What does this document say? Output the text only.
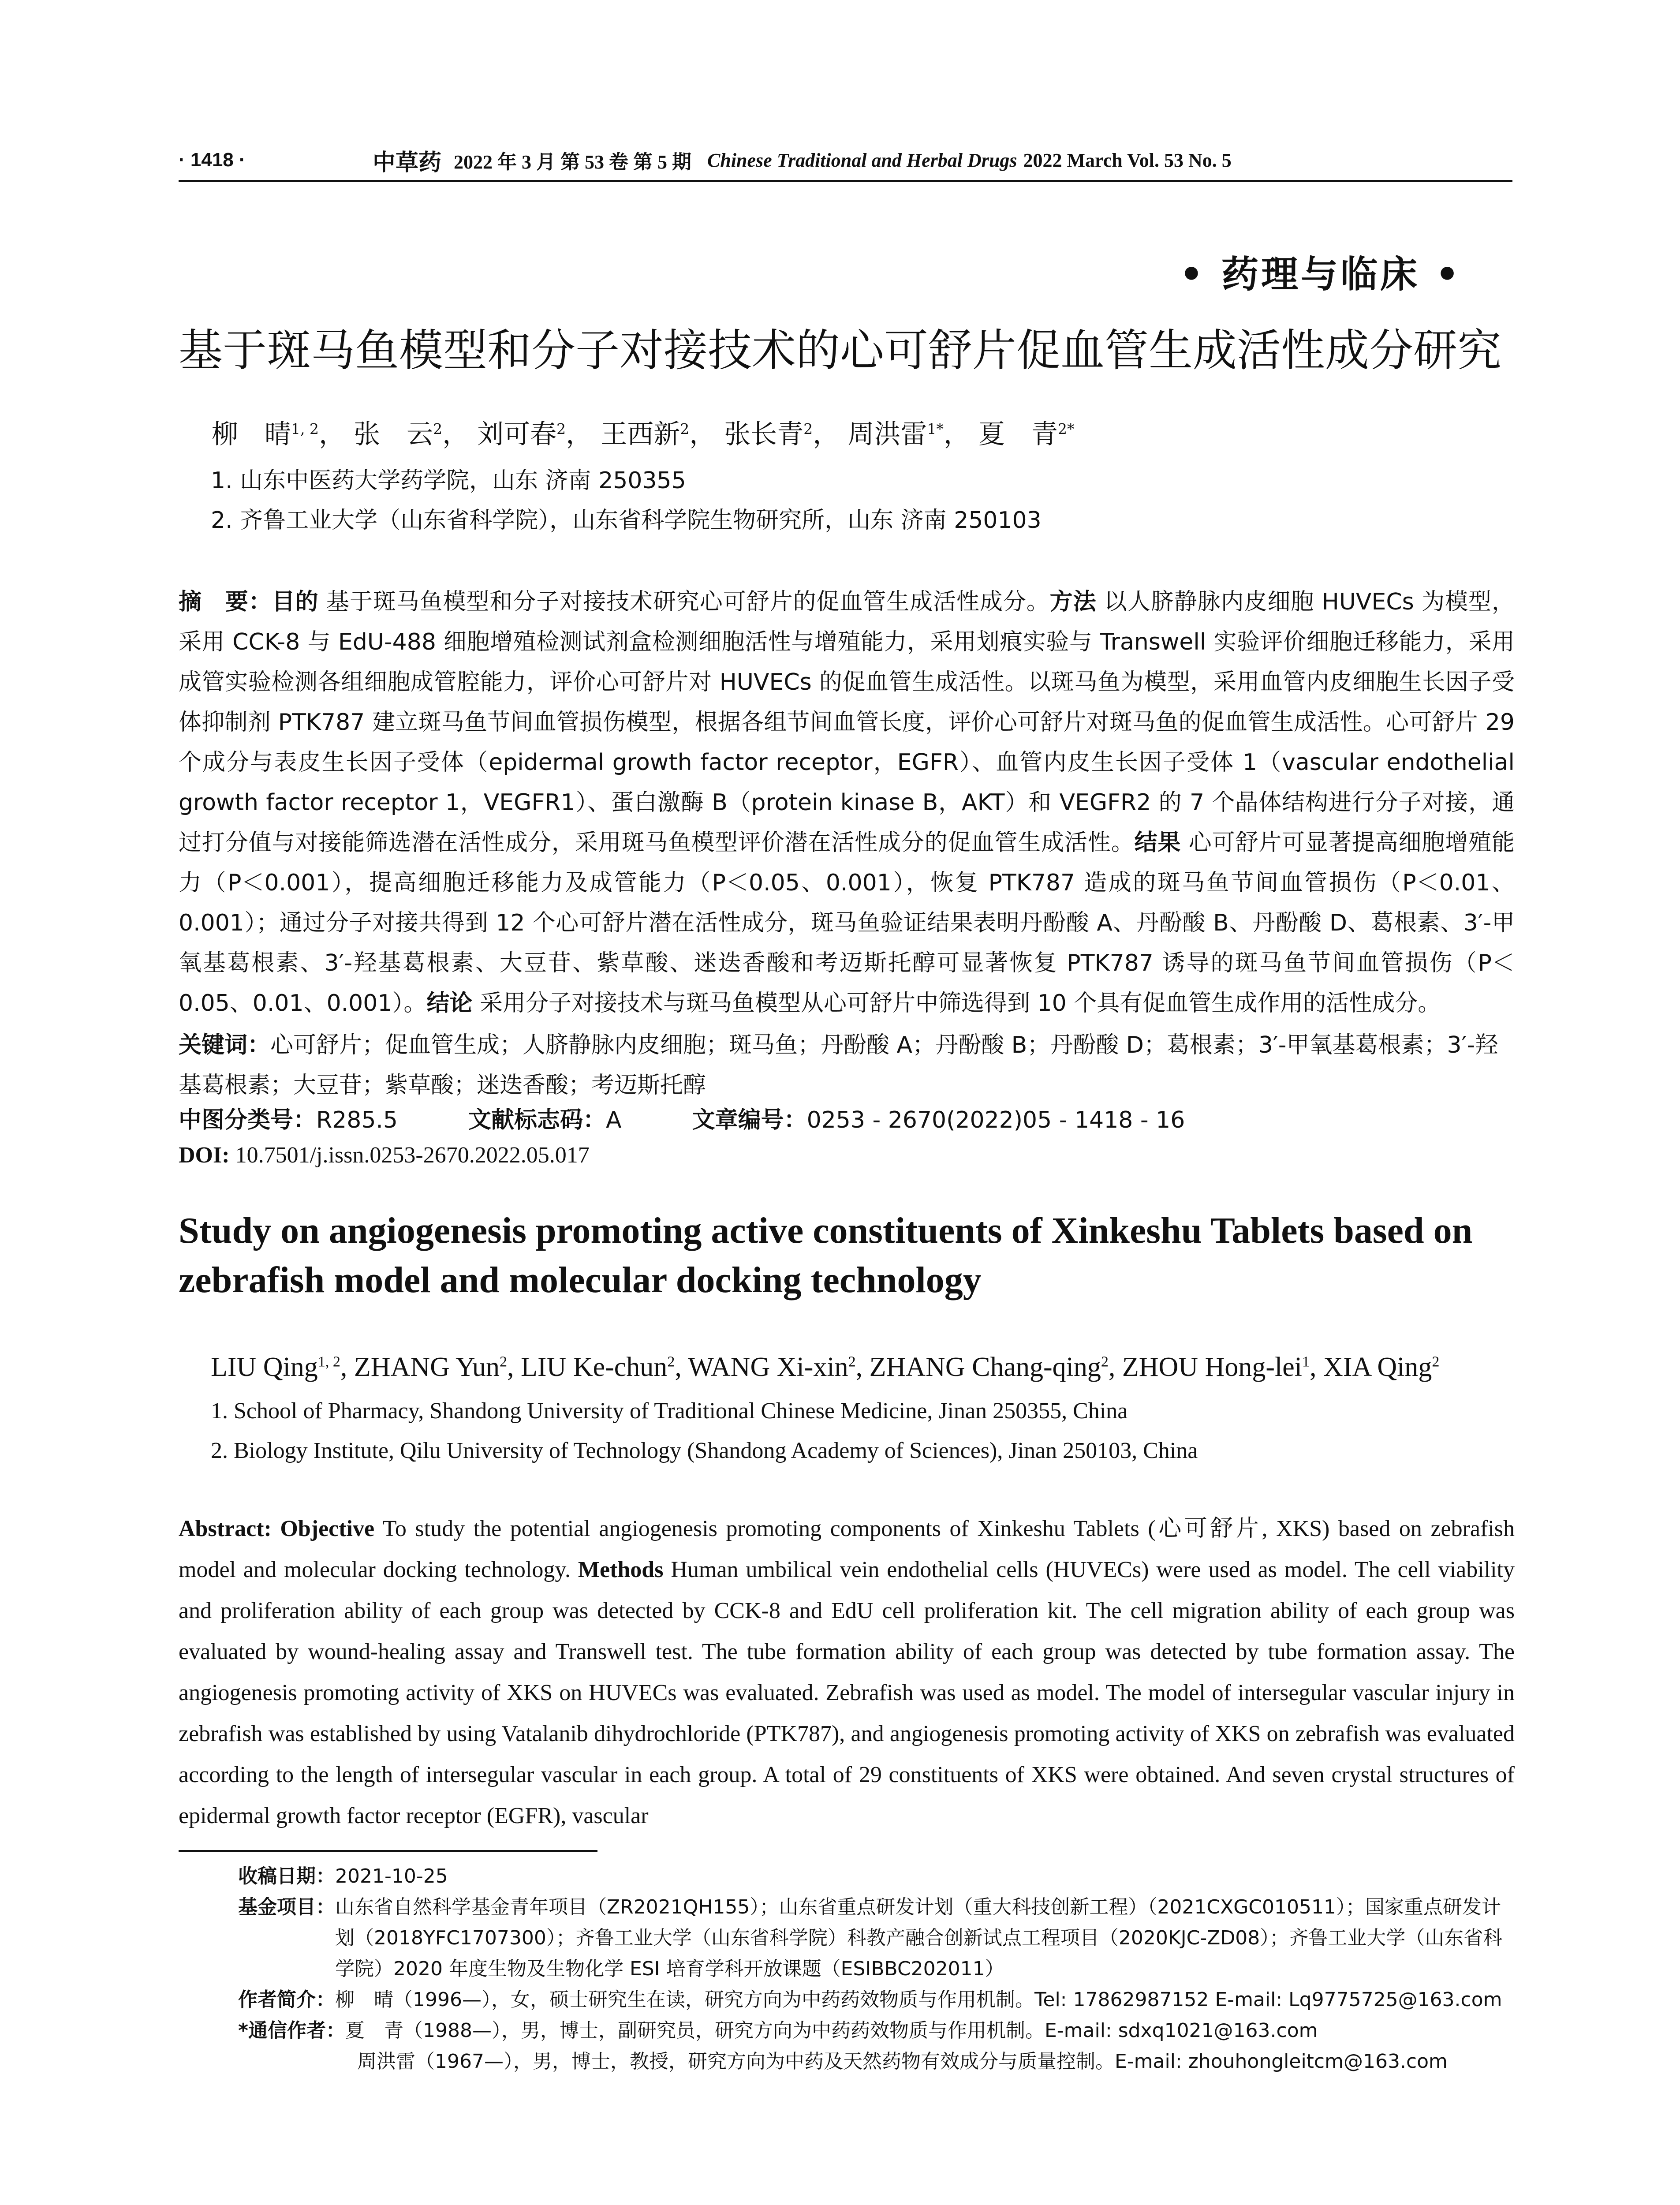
· 1418 ·	中草药 2022 年 3 月 第 53 卷 第 5 期 Chinese Traditional and Herbal Drugs 2022 March Vol. 53 No. 5
• 药理与临床 •
基于斑马鱼模型和分子对接技术的心可舒片促血管生成活性成分研究
柳　晴$^{1, 2}$， 张　云$^2$， 刘可春$^2$， 王西新$^2$， 张长青$^2$， 周洪雷$^{1*}$， 夏　青$^{2*}$
1. 山东中医药大学药学院，山东 济南 250355
2. 齐鲁工业大学（山东省科学院），山东省科学院生物研究所，山东 济南 250103
摘　要：目的 基于斑马鱼模型和分子对接技术研究心可舒片的促血管生成活性成分。方法 以人脐静脉内皮细胞 HUVECs 为模型，采用 CCK-8 与 EdU-488 细胞增殖检测试剂盒检测细胞活性与增殖能力，采用划痕实验与 Transwell 实验评价细胞迁移能力，采用成管实验检测各组细胞成管腔能力，评价心可舒片对 HUVECs 的促血管生成活性。以斑马鱼为模型，采用血管内皮细胞生长因子受体抑制剂 PTK787 建立斑马鱼节间血管损伤模型，根据各组节间血管长度，评价心可舒片对斑马鱼的促血管生成活性。心可舒片 29 个成分与表皮生长因子受体（epidermal growth factor receptor，EGFR）、血管内皮生长因子受体 1（vascular endothelial growth factor receptor 1，VEGFR1）、蛋白激酶 B（protein kinase B，AKT）和 VEGFR2 的 7 个晶体结构进行分子对接，通过打分值与对接能筛选潜在活性成分，采用斑马鱼模型评价潜在活性成分的促血管生成活性。结果 心可舒片可显著提高细胞增殖能力（P＜0.001），提高细胞迁移能力及成管能力（P＜0.05、0.001），恢复 PTK787 造成的斑马鱼节间血管损伤（P＜0.01、0.001）；通过分子对接共得到 12 个心可舒片潜在活性成分，斑马鱼验证结果表明丹酚酸 A、丹酚酸 B、丹酚酸 D、葛根素、3′-甲氧基葛根素、3′-羟基葛根素、大豆苷、紫草酸、迷迭香酸和考迈斯托醇可显著恢复 PTK787 诱导的斑马鱼节间血管损伤（P＜0.05、0.01、0.001）。结论 采用分子对接技术与斑马鱼模型从心可舒片中筛选得到 10 个具有促血管生成作用的活性成分。
关键词：心可舒片；促血管生成；人脐静脉内皮细胞；斑马鱼；丹酚酸 A；丹酚酸 B；丹酚酸 D；葛根素；3′-甲氧基葛根素；3′-羟基葛根素；大豆苷；紫草酸；迷迭香酸；考迈斯托醇
中图分类号：R285.5	文献标志码：A	文章编号：0253 - 2670(2022)05 - 1418 - 16
DOI: 10.7501/j.issn.0253-2670.2022.05.017
Study on angiogenesis promoting active constituents of Xinkeshu Tablets based on zebrafish model and molecular docking technology
LIU Qing$^{1, 2}$, ZHANG Yun$^2$, LIU Ke-chun$^2$, WANG Xi-xin$^2$, ZHANG Chang-qing$^2$, ZHOU Hong-lei$^1$, XIA Qing$^2$
1. School of Pharmacy, Shandong University of Traditional Chinese Medicine, Jinan 250355, China
2. Biology Institute, Qilu University of Technology (Shandong Academy of Sciences), Jinan 250103, China
Abstract: Objective To study the potential angiogenesis promoting components of Xinkeshu Tablets (心可舒片, XKS) based on zebrafish model and molecular docking technology. Methods Human umbilical vein endothelial cells (HUVECs) were used as model. The cell viability and proliferation ability of each group was detected by CCK-8 and EdU cell proliferation kit. The cell migration ability of each group was evaluated by wound-healing assay and Transwell test. The tube formation ability of each group was detected by tube formation assay. The angiogenesis promoting activity of XKS on HUVECs was evaluated. Zebrafish was used as model. The model of intersegular vascular injury in zebrafish was established by using Vatalanib dihydrochloride (PTK787), and angiogenesis promoting activity of XKS on zebrafish was evaluated according to the length of intersegular vascular in each group. A total of 29 constituents of XKS were obtained. And seven crystal structures of epidermal growth factor receptor (EGFR), vascular
收稿日期： 2021-10-25
基金项目： 山东省自然科学基金青年项目（ZR2021QH155）；山东省重点研发计划（重大科技创新工程）（2021CXGC010511）；国家重点研发计划（2018YFC1707300）；齐鲁工业大学（山东省科学院）科教产融合创新试点工程项目（2020KJC-ZD08）；齐鲁工业大学（山东省科学院）2020 年度生物及生物化学 ESI 培育学科开放课题（ESIBBC202011）
作者简介： 柳　晴（1996—），女，硕士研究生在读，研究方向为中药药效物质与作用机制。Tel: 17862987152 E-mail: Lq9775725@163.com
*通信作者： 夏　青（1988—），男，博士，副研究员，研究方向为中药药效物质与作用机制。E-mail: sdxq1021@163.com
周洪雷（1967—），男，博士，教授，研究方向为中药及天然药物有效成分与质量控制。E-mail: zhouhongleitcm@163.com
